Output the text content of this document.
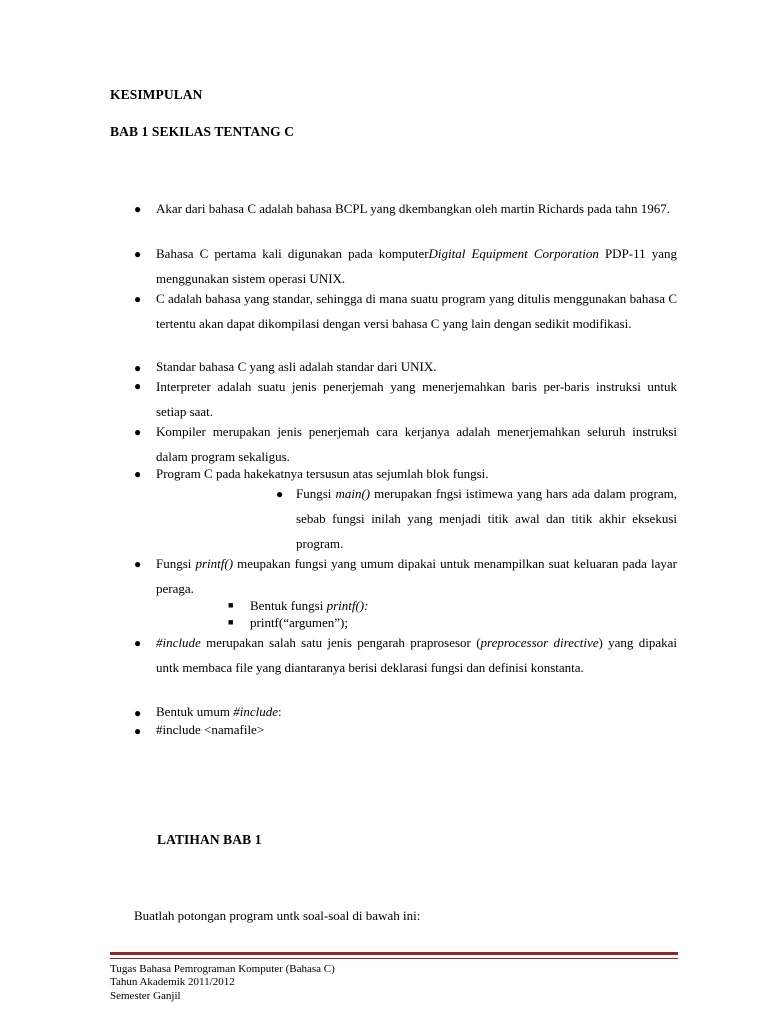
KESIMPULAN
BAB 1 SEKILAS TENTANG C
● Akar dari bahasa C adalah bahasa BCPL yang dkembangkan oleh martin Richards pada tahn 1967.
● Bahasa C pertama kali digunakan pada komputerDigital Equipment Corporation PDP-11 yang menggunakan sistem operasi UNIX.
● C adalah bahasa yang standar, sehingga di mana suatu program yang ditulis menggunakan bahasa C tertentu akan dapat dikompilasi dengan versi bahasa C yang lain dengan sedikit modifikasi.
● Standar bahasa C yang asli adalah standar dari UNIX.
● Interpreter adalah suatu jenis penerjemah yang menerjemahkan baris per-baris instruksi untuk setiap saat.
● Kompiler merupakan jenis penerjemah cara kerjanya adalah menerjemahkan seluruh instruksi dalam program sekaligus.
● Program C pada hakekatnya tersusun atas sejumlah blok fungsi.
● Fungsi main() merupakan fngsi istimewa yang hars ada dalam program, sebab fungsi inilah yang menjadi titik awal dan titik akhir eksekusi program.
● Fungsi printf() meupakan fungsi yang umum dipakai untuk menampilkan suat keluaran pada layar peraga.
■ Bentuk fungsi printf():
■ printf(“argumen”);
● #include merupakan salah satu jenis pengarah praprosesor (preprocessor directive) yang dipakai untk membaca file yang diantaranya berisi deklarasi fungsi dan definisi konstanta.
● Bentuk umum #include:
● #include <namafile>
LATIHAN BAB 1
Buatlah potongan program untk soal-soal di bawah ini:
Tugas Bahasa Pemrograman Komputer (Bahasa C)
Tahun Akademik 2011/2012
Semester Ganjil
